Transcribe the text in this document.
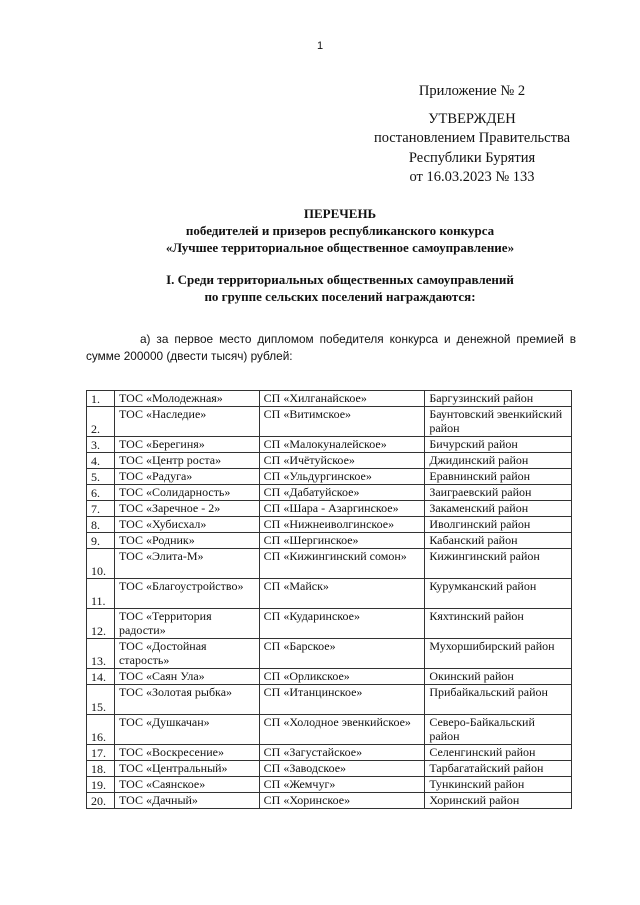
1
Приложение № 2
УТВЕРЖДЕН
постановлением Правительства
Республики Бурятия
от 16.03.2023 № 133
ПЕРЕЧЕНЬ
победителей и призеров республиканского конкурса
«Лучшее территориальное общественное самоуправление»
I. Среди территориальных общественных самоуправлений
по группе сельских поселений награждаются:
а) за первое место дипломом победителя конкурса и денежной премией в сумме 200000 (двести тысяч) рублей:
1.	ТОС «Молодежная»	СП «Хилганайское»	Баргузинский район
2.	ТОС «Наследие»	СП «Витимское»	Баунтовский эвенкийский район
3.	ТОС «Берегиня»	СП «Малокуналейское»	Бичурский район
4.	ТОС «Центр роста»	СП «Ичётуйское»	Джидинский район
5.	ТОС «Радуга»	СП «Ульдургинское»	Еравнинский район
6.	ТОС «Солидарность»	СП «Дабатуйское»	Заиграевский район
7.	ТОС «Заречное - 2»	СП «Шара - Азаргинское»	Закаменский район
8.	ТОС «Хубисхал»	СП «Нижнеиволгинское»	Иволгинский район
9.	ТОС «Родник»	СП «Шергинское»	Кабанский район
10.	ТОС «Элита-М»	СП «Кижингинский сомон»	Кижингинский район
11.	ТОС «Благоустройство»	СП «Майск»	Курумканский район
12.	ТОС «Территория радости»	СП «Кударинское»	Кяхтинский район
13.	ТОС «Достойная старость»	СП «Барское»	Мухоршибирский район
14.	ТОС «Саян Ула»	СП «Орликское»	Окинский район
15.	ТОС «Золотая рыбка»	СП «Итанцинское»	Прибайкальский район
16.	ТОС «Душкачан»	СП «Холодное эвенкийское»	Северо-Байкальский район
17.	ТОС «Воскресение»	СП «Загустайское»	Селенгинский район
18.	ТОС «Центральный»	СП «Заводское»	Тарбагатайский район
19.	ТОС «Саянское»	СП «Жемчуг»	Тункинский район
20.	ТОС «Дачный»	СП «Хоринское»	Хоринский район
